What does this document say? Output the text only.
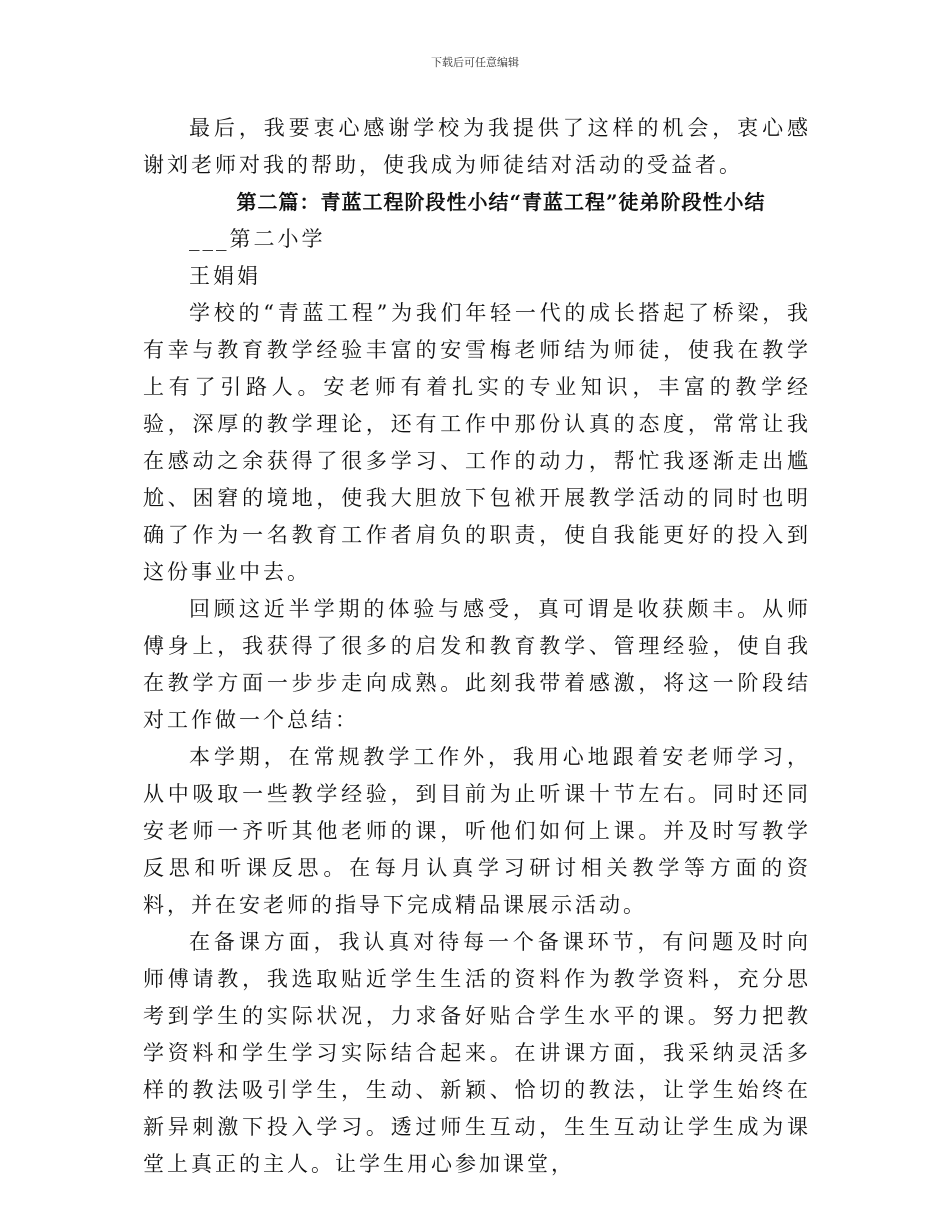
下载后可任意编辑

最后，我要衷心感谢学校为我提供了这样的机会，衷心感谢刘老师对我的帮助，使我成为师徒结对活动的受益者。

第二篇：青蓝工程阶段性小结“青蓝工程”徒弟阶段性小结

___第二小学

王娟娟

学校的“青蓝工程”为我们年轻一代的成长搭起了桥梁，我有幸与教育教学经验丰富的安雪梅老师结为师徒，使我在教学上有了引路人。安老师有着扎实的专业知识，丰富的教学经验，深厚的教学理论，还有工作中那份认真的态度，常常让我在感动之余获得了很多学习、工作的动力，帮忙我逐渐走出尴尬、困窘的境地，使我大胆放下包袱开展教学活动的同时也明确了作为一名教育工作者肩负的职责，使自我能更好的投入到这份事业中去。

回顾这近半学期的体验与感受，真可谓是收获颇丰。从师傅身上，我获得了很多的启发和教育教学、管理经验，使自我在教学方面一步步走向成熟。此刻我带着感激，将这一阶段结对工作做一个总结：

本学期，在常规教学工作外，我用心地跟着安老师学习，从中吸取一些教学经验，到目前为止听课十节左右。同时还同安老师一齐听其他老师的课，听他们如何上课。并及时写教学反思和听课反思。在每月认真学习研讨相关教学等方面的资料，并在安老师的指导下完成精品课展示活动。

在备课方面，我认真对待每一个备课环节，有问题及时向师傅请教，我选取贴近学生生活的资料作为教学资料，充分思考到学生的实际状况，力求备好贴合学生水平的课。努力把教学资料和学生学习实际结合起来。在讲课方面，我采纳灵活多样的教法吸引学生，生动、新颖、恰切的教法，让学生始终在新异刺激下投入学习。透过师生互动，生生互动让学生成为课堂上真正的主人。让学生用心参加课堂，
